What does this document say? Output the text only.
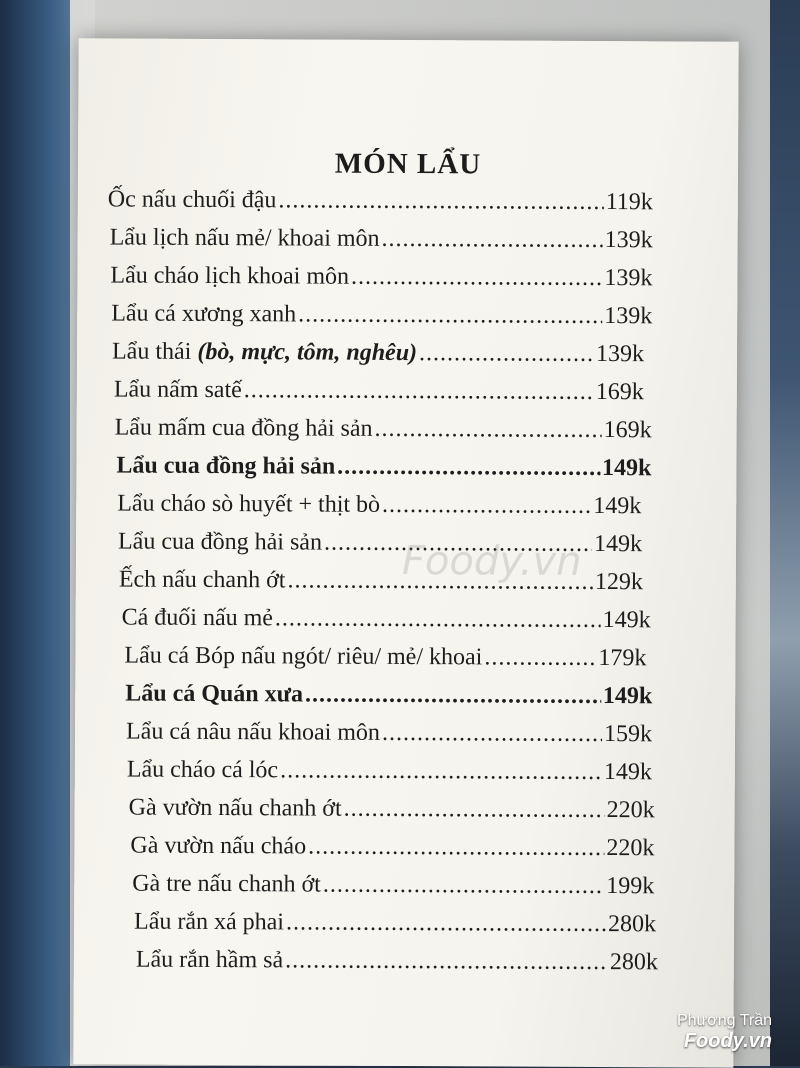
MÓN LẨU
Ốc nấu chuối đậu .....	119k
Lẩu lịch nấu mẻ/ khoai môn .....	139k
Lẩu cháo lịch khoai môn .....	139k
Lẩu cá xương xanh .....	139k
Lẩu thái (bò, mực, tôm, nghêu) .....	139k
Lẩu nấm satế .....	169k
Lẩu mấm cua đồng hải sản .....	169k
Lẩu cua đồng hải sản .....	149k
Lẩu cháo sò huyết + thịt bò .....	149k
Lẩu cua đồng hải sản .....	149k
Ếch nấu chanh ớt .....	129k
Cá đuối nấu mẻ .....	149k
Lẩu cá Bóp nấu ngót/ riêu/ mẻ/ khoai .....	179k
Lẩu cá Quán xưa .....	149k
Lẩu cá nâu nấu khoai môn .....	159k
Lẩu cháo cá lóc .....	149k
Gà vườn nấu chanh ớt .....	220k
Gà vườn nấu cháo .....	220k
Gà tre nấu chanh ớt .....	199k
Lẩu rắn xá phai .....	280k
Lẩu rắn hầm sả .....	280k
Foody.vn
Phương Trần
Foody.vn
